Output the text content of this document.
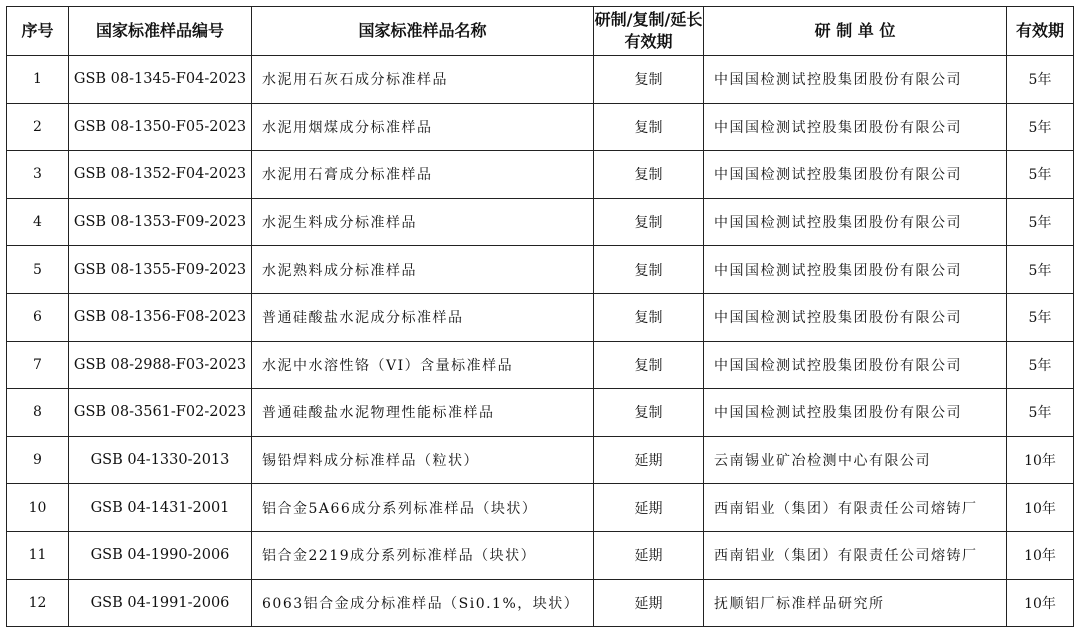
序号	国家标准样品编号	国家标准样品名称	研制/复制/延长有效期	研 制 单 位	有效期
1	GSB 08-1345-F04-2023	水泥用石灰石成分标准样品	复制	中国国检测试控股集团股份有限公司	5年
2	GSB 08-1350-F05-2023	水泥用烟煤成分标准样品	复制	中国国检测试控股集团股份有限公司	5年
3	GSB 08-1352-F04-2023	水泥用石膏成分标准样品	复制	中国国检测试控股集团股份有限公司	5年
4	GSB 08-1353-F09-2023	水泥生料成分标准样品	复制	中国国检测试控股集团股份有限公司	5年
5	GSB 08-1355-F09-2023	水泥熟料成分标准样品	复制	中国国检测试控股集团股份有限公司	5年
6	GSB 08-1356-F08-2023	普通硅酸盐水泥成分标准样品	复制	中国国检测试控股集团股份有限公司	5年
7	GSB 08-2988-F03-2023	水泥中水溶性铬（VI）含量标准样品	复制	中国国检测试控股集团股份有限公司	5年
8	GSB 08-3561-F02-2023	普通硅酸盐水泥物理性能标准样品	复制	中国国检测试控股集团股份有限公司	5年
9	GSB 04-1330-2013	锡铅焊料成分标准样品（粒状）	延期	云南锡业矿冶检测中心有限公司	10年
10	GSB 04-1431-2001	铝合金5A66成分系列标准样品（块状）	延期	西南铝业（集团）有限责任公司熔铸厂	10年
11	GSB 04-1990-2006	铝合金2219成分系列标准样品（块状）	延期	西南铝业（集团）有限责任公司熔铸厂	10年
12	GSB 04-1991-2006	6063铝合金成分标准样品（Si0.1%，块状）	延期	抚顺铝厂标准样品研究所	10年
